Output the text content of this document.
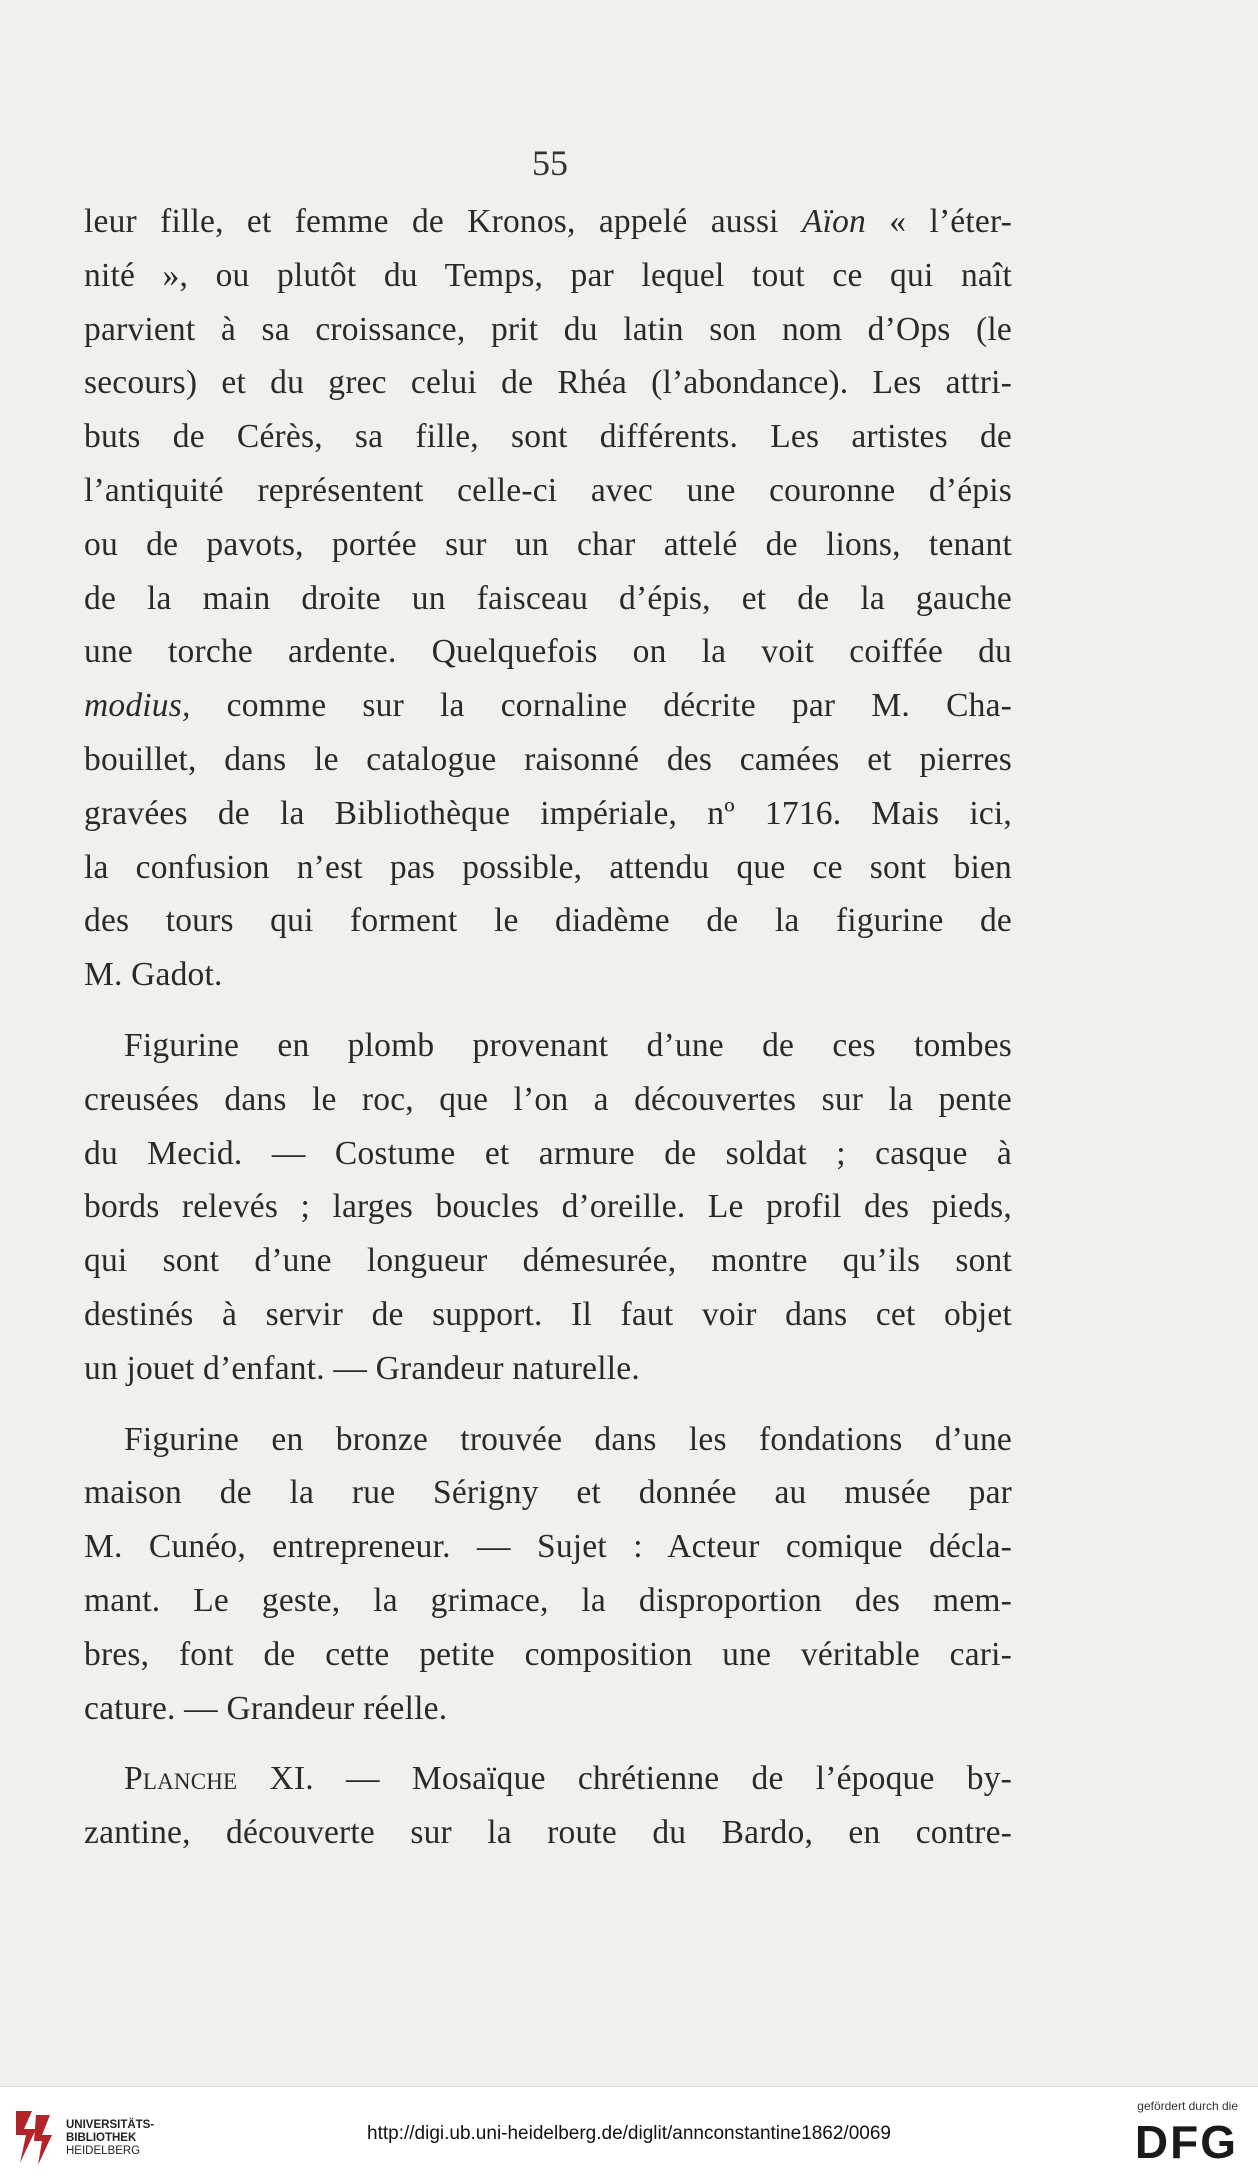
55

leur fille, et femme de Kronos, appelé aussi Aïon « l’éter-
nité », ou plutôt du Temps, par lequel tout ce qui naît
parvient à sa croissance, prit du latin son nom d’Ops (le
secours) et du grec celui de Rhéa (l’abondance). Les attri-
buts de Cérès, sa fille, sont différents. Les artistes de
l’antiquité représentent celle-ci avec une couronne d’épis
ou de pavots, portée sur un char attelé de lions, tenant
de la main droite un faisceau d’épis, et de la gauche
une torche ardente. Quelquefois on la voit coiffée du
modius, comme sur la cornaline décrite par M. Cha-
bouillet, dans le catalogue raisonné des camées et pierres
gravées de la Bibliothèque impériale, nº 1716. Mais ici,
la confusion n’est pas possible, attendu que ce sont bien
des tours qui forment le diadème de la figurine de
M. Gadot.

Figurine en plomb provenant d’une de ces tombes
creusées dans le roc, que l’on a découvertes sur la pente
du Mecid. — Costume et armure de soldat ; casque à
bords relevés ; larges boucles d’oreille. Le profil des pieds,
qui sont d’une longueur démesurée, montre qu’ils sont
destinés à servir de support. Il faut voir dans cet objet
un jouet d’enfant. — Grandeur naturelle.

Figurine en bronze trouvée dans les fondations d’une
maison de la rue Sérigny et donnée au musée par
M. Cunéo, entrepreneur. — Sujet : Acteur comique décla-
mant. Le geste, la grimace, la disproportion des mem-
bres, font de cette petite composition une véritable cari-
cature. — Grandeur réelle.

Planche XI. — Mosaïque chrétienne de l’époque by-
zantine, découverte sur la route du Bardo, en contre-

UNIVERSITÄTS-
BIBLIOTHEK
HEIDELBERG
http://digi.ub.uni-heidelberg.de/diglit/annconstantine1862/0069
gefördert durch die
DFG
